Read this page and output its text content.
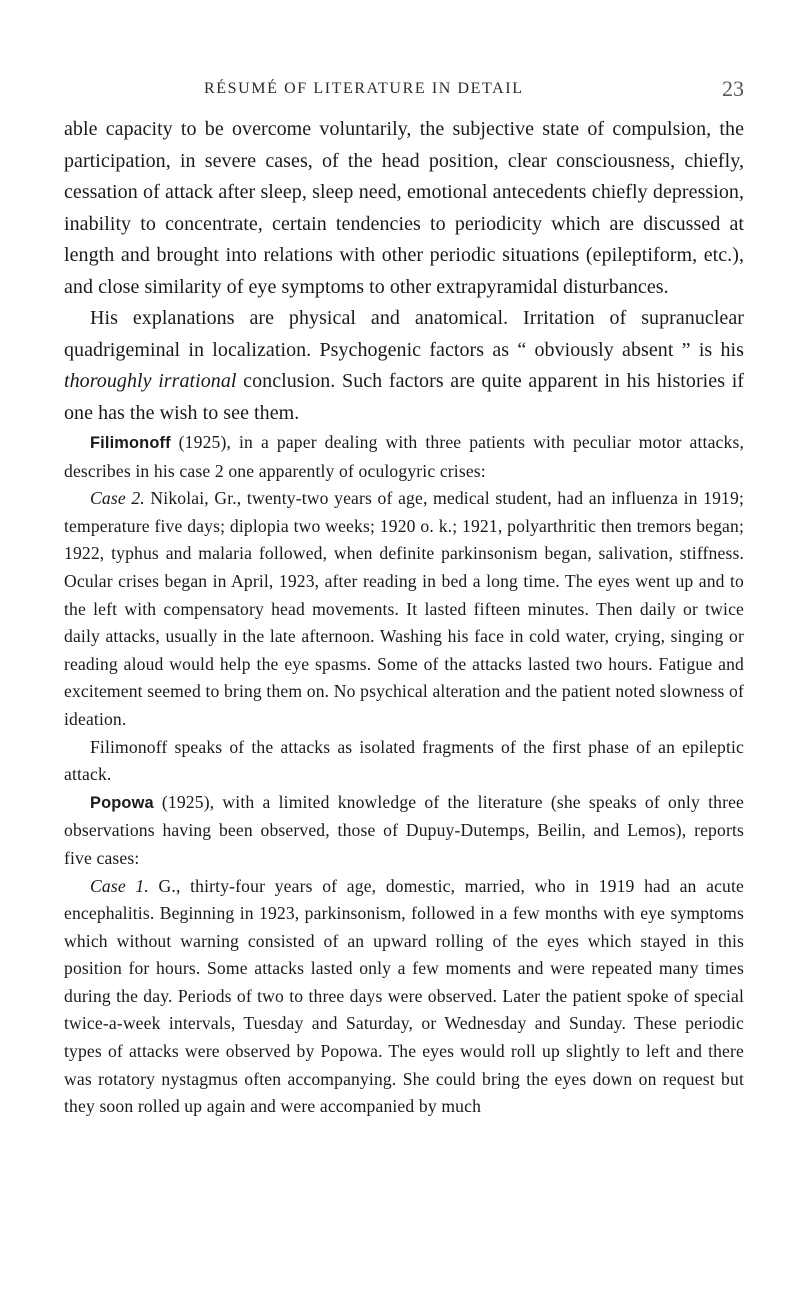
RÉSUMÉ OF LITERATURE IN DETAIL	23

able capacity to be overcome voluntarily, the subjective state of compulsion, the participation, in severe cases, of the head position, clear consciousness, chiefly, cessation of attack after sleep, sleep need, emotional antecedents chiefly depression, inability to concentrate, certain tendencies to periodicity which are discussed at length and brought into relations with other periodic situations (epileptiform, etc.), and close similarity of eye symptoms to other extrapyramidal disturbances.

His explanations are physical and anatomical. Irritation of supranuclear quadrigeminal in localization. Psychogenic factors as “ obviously absent ” is his thoroughly irrational conclusion. Such factors are quite apparent in his histories if one has the wish to see them.

Filimonoff (1925), in a paper dealing with three patients with peculiar motor attacks, describes in his case 2 one apparently of oculogyric crises:

Case 2. Nikolai, Gr., twenty-two years of age, medical student, had an influenza in 1919; temperature five days; diplopia two weeks; 1920 o. k.; 1921, polyarthritic then tremors began; 1922, typhus and malaria followed, when definite parkinsonism began, salivation, stiffness. Ocular crises began in April, 1923, after reading in bed a long time. The eyes went up and to the left with compensatory head movements. It lasted fifteen minutes. Then daily or twice daily attacks, usually in the late afternoon. Washing his face in cold water, crying, singing or reading aloud would help the eye spasms. Some of the attacks lasted two hours. Fatigue and excitement seemed to bring them on. No psychical alteration and the patient noted slowness of ideation.

Filimonoff speaks of the attacks as isolated fragments of the first phase of an epileptic attack.

Popowa (1925), with a limited knowledge of the literature (she speaks of only three observations having been observed, those of Dupuy-Dutemps, Beilin, and Lemos), reports five cases:

Case 1. G., thirty-four years of age, domestic, married, who in 1919 had an acute encephalitis. Beginning in 1923, parkinsonism, followed in a few months with eye symptoms which without warning consisted of an upward rolling of the eyes which stayed in this position for hours. Some attacks lasted only a few moments and were repeated many times during the day. Periods of two to three days were observed. Later the patient spoke of special twice-a-week intervals, Tuesday and Saturday, or Wednesday and Sunday. These periodic types of attacks were observed by Popowa. The eyes would roll up slightly to left and there was rotatory nystagmus often accompanying. She could bring the eyes down on request but they soon rolled up again and were accompanied by much
